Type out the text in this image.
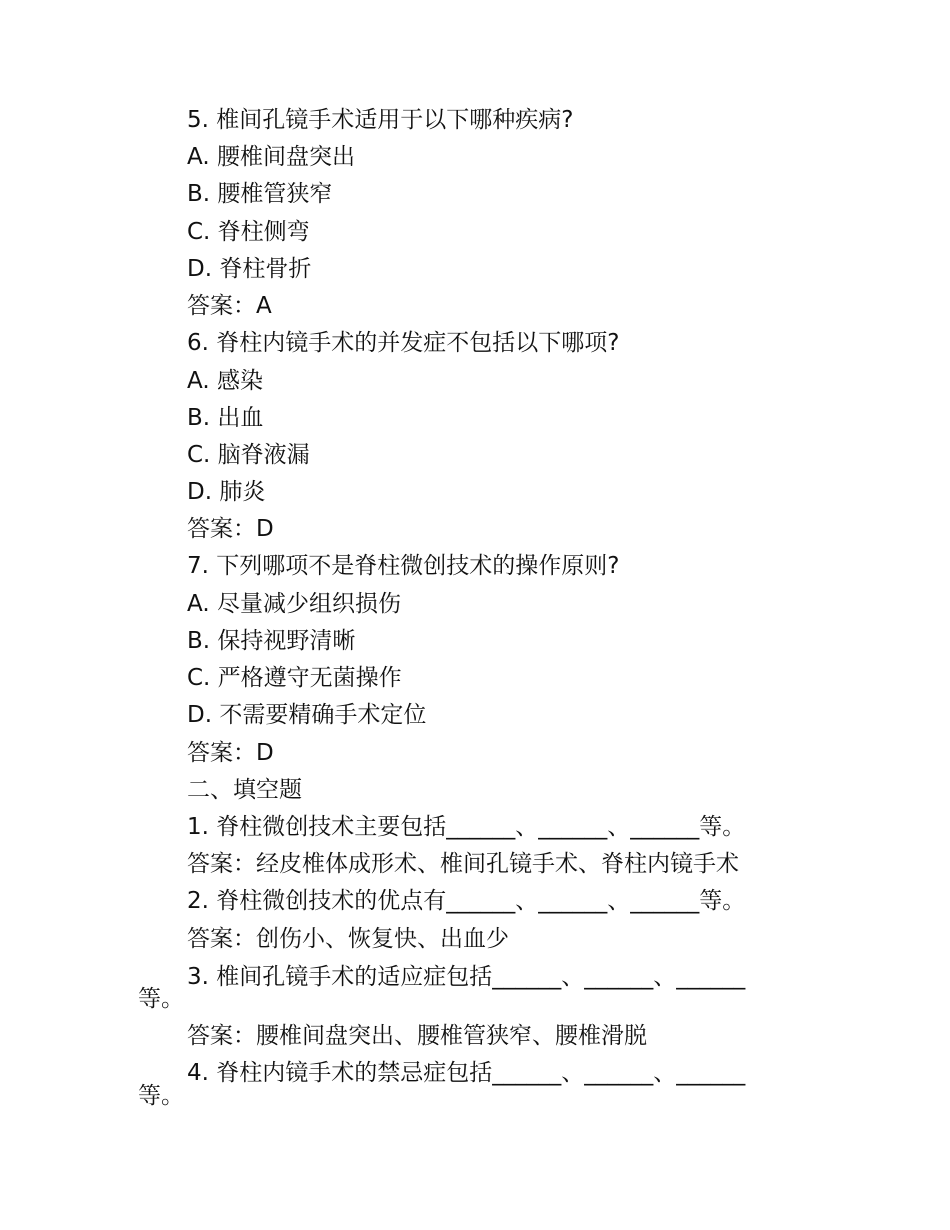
5. 椎间孔镜手术适用于以下哪种疾病?
A. 腰椎间盘突出
B. 腰椎管狭窄
C. 脊柱侧弯
D. 脊柱骨折
答案：A
6. 脊柱内镜手术的并发症不包括以下哪项?
A. 感染
B. 出血
C. 脑脊液漏
D. 肺炎
答案：D
7. 下列哪项不是脊柱微创技术的操作原则?
A. 尽量减少组织损伤
B. 保持视野清晰
C. 严格遵守无菌操作
D. 不需要精确手术定位
答案：D
二、填空题
1. 脊柱微创技术主要包括______、______、______等。
答案：经皮椎体成形术、椎间孔镜手术、脊柱内镜手术
2. 脊柱微创技术的优点有______、______、______等。
答案：创伤小、恢复快、出血少
3. 椎间孔镜手术的适应症包括______、______、______
等。
答案：腰椎间盘突出、腰椎管狭窄、腰椎滑脱
4. 脊柱内镜手术的禁忌症包括______、______、______
等。
